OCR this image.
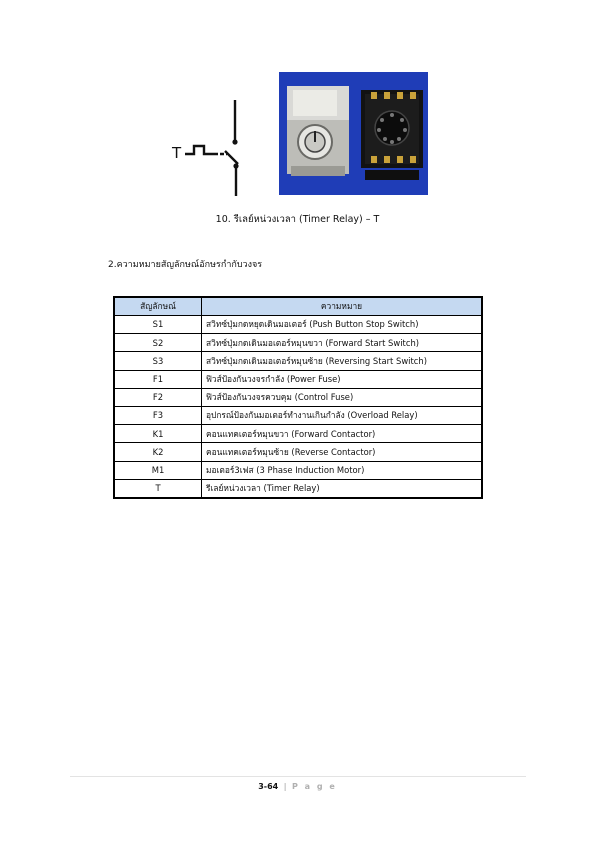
T
10. รีเลย์หน่วงเวลา (Timer Relay) – T
2.ความหมายสัญลักษณ์อักษรกำกับวงจร
สัญลักษณ์	ความหมาย
S1	สวิทซ์ปุ่มกดหยุดเดินมอเตอร์ (Push Button Stop Switch)
S2	สวิทซ์ปุ่มกดเดินมอเตอร์หมุนขวา (Forward Start Switch)
S3	สวิทซ์ปุ่มกดเดินมอเตอร์หมุนซ้าย (Reversing Start Switch)
F1	ฟิวส์ป้องกันวงจรกำลัง (Power Fuse)
F2	ฟิวส์ป้องกันวงจรควบคุม (Control Fuse)
F3	อุปกรณ์ป้องกันมอเตอร์ทำงานเกินกำลัง (Overload Relay)
K1	คอนแทคเตอร์หมุนขวา (Forward Contactor)
K2	คอนแทคเตอร์หมุนซ้าย (Reverse Contactor)
M1	มอเตอร์3เฟส (3 Phase Induction Motor)
T	รีเลย์หน่วงเวลา (Timer Relay)
3-64 | P a g e
